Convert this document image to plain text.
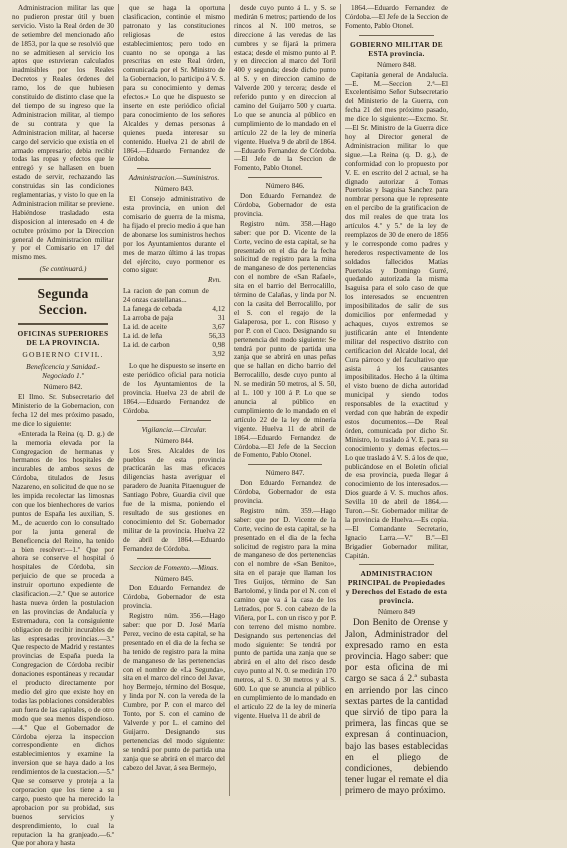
Administracion militar las que no pudieron prestar útil y buen servicio. Visto la Real órden de 30 de setiembre del mencionado año de 1853, por la que se resolvió que no se admitiesen al servicio los aptos que estuvieran calculados inadmisibles por los Reales Decretos y Reales órdenes del ramo, los de que hubiesen constituido de distinto clase que la del tiempo de su ingreso que la Administracion militar, al tiempo de su contrata y que la Administracion militar, al hacerse cargo del servicio que existía en el armado empresario; debia recibir todas las ropas y efectos que le entregó y se hallasen en buen estado de servir, rechazando las construidas sin las condiciones reglamentarias, y visto lo que en la Administracion militar se previene. Habiéndose trasladado esta disposicion al interesado en 4 de octubre próximo por la Direccion general de Administracion militar y por el Comisario en 17 del mismo mes.

(Se continuará.)
Segunda Seccion.
OFICINAS SUPERIORES DE LA PROVINCIA.
GOBIERNO CIVIL.
Beneficencia y Sanidad.-Negociado 1.º
Número 842.

El Ilmo. Sr. Subsecretario del Ministerio de la Gobernacion, con fecha 12 del mes próximo pasado, me dice lo siguiente:

«Enterada la Reina (q. D. g.) de la memoria elevada por la Congregacion de hermanas y hermanos de los hospitales de incurables de ambos sexos de Córdoba, titulados de Jesus Nazareno, en solicitud de que no se les impida recolectar las limosnas con que los bienhechores de varios puntos de España les auxilian, S. M., de acuerdo con lo consultado por la junta general de Beneficencia del Reino, ha tenido a bien resolver:—1.º Que por ahora se conserve el hospital ó hospitales de Córdoba, sin perjuicio de que se proceda a instruir oportuno expediente de clasificacion.—2.º Que se autorice hasta nueva órden la postulacion en las provincias de Andalucía y Estremadura, con la consiguiente obligacion de recibir incurables de las espresadas provincias.—3.º Que respecto de Madrid y restantes provincias de España pueda la Congregacion de Córdoba recibir donaciones espontáneas y recaudar el producto directamente por medio del giro que existe hoy en todas las poblaciones considerables aun fuera de las capitales, o de otro modo que sea menos dispendioso.—4.º Que el Gobernador de Córdoba ejerza la inspeccion correspondiente en dichos establecimientos y examine la inversion que se haya dado a los rendimientos de la cuestacion.—5.º Que se conserve y proteja a la corporacion que los tiene a su cargo, puesto que ha merecido la aprobacion por su probidad, sus buenos servicios y desprendimiento, lo cual la reputacion la ha granjeado.—6.º Que por ahora y hasta

que se haga la oportuna clasificacion, continúe el mismo patronato y las constituciones religiosas de estos establecimientos; pero todo en cuanto no se oponga a las prescritas en este Real órden, comunicada por el Sr. Ministro de la Gobernacion, lo participo á V. S. para su conocimiento y demas efectos.» Lo que he dispuesto se inserte en este periódico oficial para conocimiento de los señores Alcaldes y demas personas á quienes pueda interesar su contenido. Huelva 21 de abril de 1864.—Eduardo Fernandez de Córdoba.

Administracion.—Suministros.
Número 843.

El Consejo administrativo de esta provincia, en union del comisario de guerra de la misma, ha fijado el precio medio á que han de abonarse los suministros hechos por los Ayuntamientos durante el mes de marzo último á las tropas del ejército, cuyo pormenor es como sigue:

Rvn.
La racion de pan comun de 24 onzas castellanas...	
La fanega de cebada	4,12
La arroba de paja	31
La id. de aceite	3,67
La id. de leña	56,33
La id. de carbon	0,98
	3,92

Lo que he dispuesto se inserte en este periódico oficial para noticia de los Ayuntamientos de la provincia. Huelva 23 de abril de 1864.—Eduardo Fernandez de Córdoba.

Vigilancia.—Circular.
Número 844.

Los Sres. Alcaldes de los pueblos de esta provincia practicarán las mas eficaces diligencias hasta averiguar el paradero de Juanita Pitaenuguer de Santiago Pobre, Guardia civil que fue de la misma, poniendo el resultado de sus gestiones en conocimiento del Sr. Gobernador militar de la provincia. Huelva 22 de abril de 1864.—Eduardo Fernandez de Córdoba.

Seccion de Fomento.—Minas.
Número 845.

Don Eduardo Fernandez de Córdoba, Gobernador de esta provincia.

Registro núm. 356.—Hago saber: que por D. José María Perez, vecino de esta capital, se ha presentado en el dia de la fecha se ha tenido de registro para la mina de manganeso de las pertenencias con el nombre de «La Segunda», sita en el marco del rinco del Javar, hoy Bermejo, término del Bosque, y linda por N. con la vereda de la Cumbre, por P. con el marco del Tonto, por S. con el camino de Valverde y por L. el camino del Guijarro. Designando sus pertenencias del modo siguiente: se tendrá por punto de partida una zanja que se abrirá en el marco del cabezo del Javar, á sea Bermejo,

desde cuyo punto á L. y S. se medirán 6 metros; partiendo de los rincos al N. 100 metros, se direccione á las veredas de las cumbres y se fijará la primera estaca; desde el mismo punto al P. y en direccion al marco del Toril 400 y segunda; desde dicho punto al S. y en direccion camino de Valverde 200 y tercera; desde el referido punto y en direccion al camino del Guijarro 500 y cuarta. Lo que se anuncia al público en cumplimiento de lo mandado en el artículo 22 de la ley de minería vigente. Huelva 9 de abril de 1864.—Eduardo Fernandez de Córdoba.—El Jefe de la Seccion de Fomento, Pablo Otonel.

Número 846.

Don Eduardo Fernandez de Córdoba, Gobernador de esta provincia.

Registro núm. 358.—Hago saber: que por D. Vicente de la Corte, vecino de esta capital, se ha presentado en el dia de la fecha solicitud de registro para la mina de manganeso de dos pertenencias con el nombre de «San Rafael», sita en el barrio del Berrocalillo, término de Calañas, y linda por N. con la casita del Berrocalillo, por el S. con el regajo de la Galaperosa, por L. con Risoso y por P. con el Cuco. Designando su pertenencia del modo siguiente: Se tendrá por punto de partida una zanja que se abrirá en unas peñas que se hallan en dicho barrio del Berrocalillo, desde cuyo punto al N. se medirán 50 metros, al S. 50, al L. 100 y 100 á P. Lo que se anuncia al público en cumplimiento de lo mandado en el artículo 22 de la ley de minería vigente. Huelva 11 de abril de 1864.—Eduardo Fernandez de Córdoba.—El Jefe de la Seccion de Fomento, Pablo Otonel.

Número 847.

Don Eduardo Fernandez de Córdoba, Gobernador de esta provincia.

Registro núm. 359.—Hago saber: que por D. Vicente de la Corte, vecino de esta capital, se ha presentado en el dia de la fecha solicitud de registro para la mina de manganeso de dos pertenencias con el nombre de «San Benito», sita en el paraje que llaman los Tres Guijos, término de San Bartolomé, y linda por el N. con el camino que va á la casa de los Letrados, por S. con cabezo de la Viñera, por L. con un risco y por P. con terreno del mismo nombre. Designando sus pertenencias del modo siguiente: Se tendrá por punto de partida una zanja que se abrirá en el alto del risco desde cuyo punto al N. 0. se medirán 170 metros, al S. 0. 30 metros y al S. 600. Lo que se anuncia al público en cumplimiento de lo mandado en el artículo 22 de la ley de minería vigente. Huelva 11 de abril de

1864.—Eduardo Fernandez de Córdoba.—El Jefe de la Seccion de Fomento, Pablo Otonel.

GOBIERNO MILITAR DE ESTA provincia.
Número 848.

Capitanía general de Andalucía.—E. M.—Seccion 2.ª—El Excelentísimo Señor Subsecretario del Ministerio de la Guerra, con fecha 21 del mes próximo pasado, me dice lo siguiente:—Excmo. Sr.—El Sr. Ministro de la Guerra dice hoy al Director general de Administracion militar lo que sigue.—La Reina (q. D. g.), de conformidad con lo propuesto por V. E. en escrito del 2 actual, se ha dignado autorizar á Tomas Puertolas y Isaguisa Sanchez para nombrar persona que le represente en el percibo de la gratificacion de dos mil reales de que trata los artículos 4.º y 5.º de la ley de reemplazos de 30 de enero de 1856 y le corresponde como padres y herederos respectivamente de los soldados fallecidos Matías Puertolas y Domingo Gurré, quedando autorizada la misma Isaguisa para el solo caso de que los interesados se encuentren imposibilitados de salir de sus domicilios por enfermedad y achaques, cuyos extremos se justificarán ante el Intendente militar del respectivo distrito con certificacion del Alcalde local, del Cura párroco y del facultativo que asista á los causantes imposibilitados. Hecho á la última el visto bueno de dicha autoridad municipal y siendo todos responsables de la exactitud y verdad con que habrán de expedir estos documentos.—De Real órden, comunicada por dicho Sr. Ministro, lo traslado á V. E. para su conocimiento y demas efectos.—Lo que traslado á V. S. á los de que, publicándose en el Boletín oficial de esa provincia, pueda llegar á conocimiento de los interesados.—Dios guarde á V. S. muchos años. Sevilla 10 de abril de 1864.—Turon.—Sr. Gobernador militar de la provincia de Huelva.—Es copia.—El Comandante Secretario, Ignacio Larra.—V.º B.º—El Brigadier Gobernador militar, Capitán.

ADMINISTRACION PRINCIPAL de Propiedades y Derechos del Estado de esta provincia.
Número 849

Don Benito de Orense y Jalon, Administrador del expresado ramo en esta provincia. Hago saber: que por esta oficina de mi cargo se saca á 2.ª subasta en arriendo por las cinco sextas partes de la cantidad que sirvió de tipo para la primera, las fincas que se expresan á continuacion, bajo las bases establecidas en el pliego de condiciones, debiendo tener lugar el remate el dia primero de mayo próximo.
